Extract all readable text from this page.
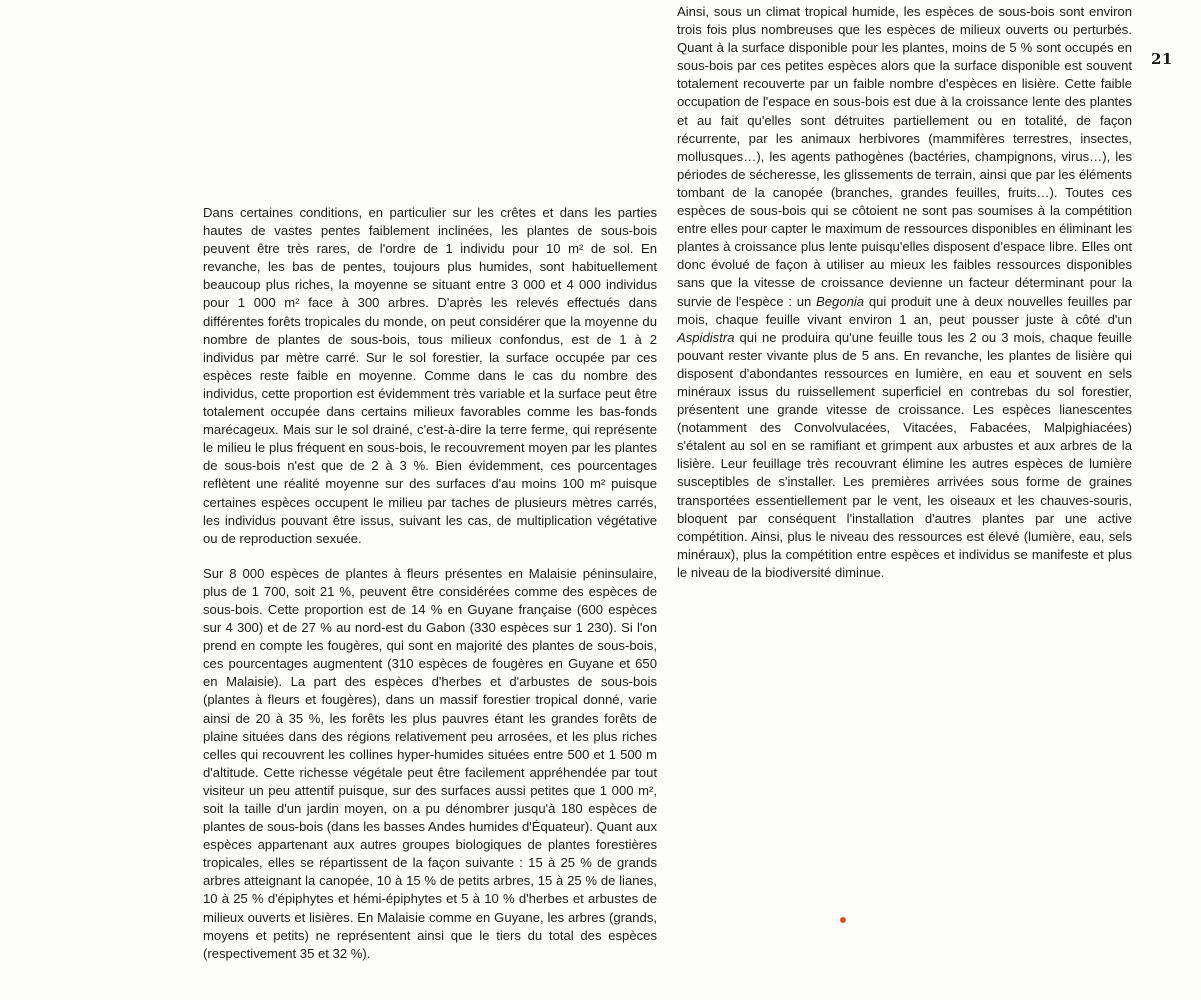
21

Ainsi, sous un climat tropical humide, les espèces de sous-bois sont environ trois fois plus nombreuses que les espèces de milieux ouverts ou perturbés. Quant à la surface disponible pour les plantes, moins de 5 % sont occupés en sous-bois par ces petites espèces alors que la surface disponible est souvent totalement recouverte par un faible nombre d'espèces en lisière. Cette faible occupation de l'espace en sous-bois est due à la croissance lente des plantes et au fait qu'elles sont détruites partiellement ou en totalité, de façon récurrente, par les animaux herbivores (mammifères terrestres, insectes, mollusques…), les agents pathogènes (bactéries, champignons, virus…), les périodes de sécheresse, les glissements de terrain, ainsi que par les éléments tombant de la canopée (branches, grandes feuilles, fruits…). Toutes ces espèces de sous-bois qui se côtoient ne sont pas soumises à la compétition entre elles pour capter le maximum de ressources disponibles en éliminant les plantes à croissance plus lente puisqu'elles disposent d'espace libre. Elles ont donc évolué de façon à utiliser au mieux les faibles ressources disponibles sans que la vitesse de croissance devienne un facteur déterminant pour la survie de l'espèce : un Begonia qui produit une à deux nouvelles feuilles par mois, chaque feuille vivant environ 1 an, peut pousser juste à côté d'un Aspidistra qui ne produira qu'une feuille tous les 2 ou 3 mois, chaque feuille pouvant rester vivante plus de 5 ans. En revanche, les plantes de lisière qui disposent d'abondantes ressources en lumière, en eau et souvent en sels minéraux issus du ruissellement superficiel en contrebas du sol forestier, présentent une grande vitesse de croissance. Les espèces lianescentes (notamment des Convolvulacées, Vitacées, Fabacées, Malpighiacées) s'étalent au sol en se ramifiant et grimpent aux arbustes et aux arbres de la lisière. Leur feuillage très recouvrant élimine les autres espèces de lumière susceptibles de s'installer. Les premières arrivées sous forme de graines transportées essentiellement par le vent, les oiseaux et les chauves-souris, bloquent par conséquent l'installation d'autres plantes par une active compétition. Ainsi, plus le niveau des ressources est élevé (lumière, eau, sels minéraux), plus la compétition entre espèces et individus se manifeste et plus le niveau de la biodiversité diminue.

Dans certaines conditions, en particulier sur les crêtes et dans les parties hautes de vastes pentes faiblement inclinées, les plantes de sous-bois peuvent être très rares, de l'ordre de 1 individu pour 10 m² de sol. En revanche, les bas de pentes, toujours plus humides, sont habituellement beaucoup plus riches, la moyenne se situant entre 3 000 et 4 000 individus pour 1 000 m² face à 300 arbres. D'après les relevés effectués dans différentes forêts tropicales du monde, on peut considérer que la moyenne du nombre de plantes de sous-bois, tous milieux confondus, est de 1 à 2 individus par mètre carré. Sur le sol forestier, la surface occupée par ces espèces reste faible en moyenne. Comme dans le cas du nombre des individus, cette proportion est évidemment très variable et la surface peut être totalement occupée dans certains milieux favorables comme les bas-fonds marécageux. Mais sur le sol drainé, c'est-à-dire la terre ferme, qui représente le milieu le plus fréquent en sous-bois, le recouvrement moyen par les plantes de sous-bois n'est que de 2 à 3 %. Bien évidemment, ces pourcentages reflètent une réalité moyenne sur des surfaces d'au moins 100 m² puisque certaines espèces occupent le milieu par taches de plusieurs mètres carrés, les individus pouvant être issus, suivant les cas, de multiplication végétative ou de reproduction sexuée.

Sur 8 000 espèces de plantes à fleurs présentes en Malaisie péninsulaire, plus de 1 700, soit 21 %, peuvent être considérées comme des espèces de sous-bois. Cette proportion est de 14 % en Guyane française (600 espèces sur 4 300) et de 27 % au nord-est du Gabon (330 espèces sur 1 230). Si l'on prend en compte les fougères, qui sont en majorité des plantes de sous-bois, ces pourcentages augmentent (310 espèces de fougères en Guyane et 650 en Malaisie). La part des espèces d'herbes et d'arbustes de sous-bois (plantes à fleurs et fougères), dans un massif forestier tropical donné, varie ainsi de 20 à 35 %, les forêts les plus pauvres étant les grandes forêts de plaine situées dans des régions relativement peu arrosées, et les plus riches celles qui recouvrent les collines hyper-humides situées entre 500 et 1 500 m d'altitude. Cette richesse végétale peut être facilement appréhendée par tout visiteur un peu attentif puisque, sur des surfaces aussi petites que 1 000 m², soit la taille d'un jardin moyen, on a pu dénombrer jusqu'à 180 espèces de plantes de sous-bois (dans les basses Andes humides d'Équateur). Quant aux espèces appartenant aux autres groupes biologiques de plantes forestières tropicales, elles se répartissent de la façon suivante : 15 à 25 % de grands arbres atteignant la canopée, 10 à 15 % de petits arbres, 15 à 25 % de lianes, 10 à 25 % d'épiphytes et hémi-épiphytes et 5 à 10 % d'herbes et arbustes de milieux ouverts et lisières. En Malaisie comme en Guyane, les arbres (grands, moyens et petits) ne représentent ainsi que le tiers du total des espèces (respectivement 35 et 32 %).
